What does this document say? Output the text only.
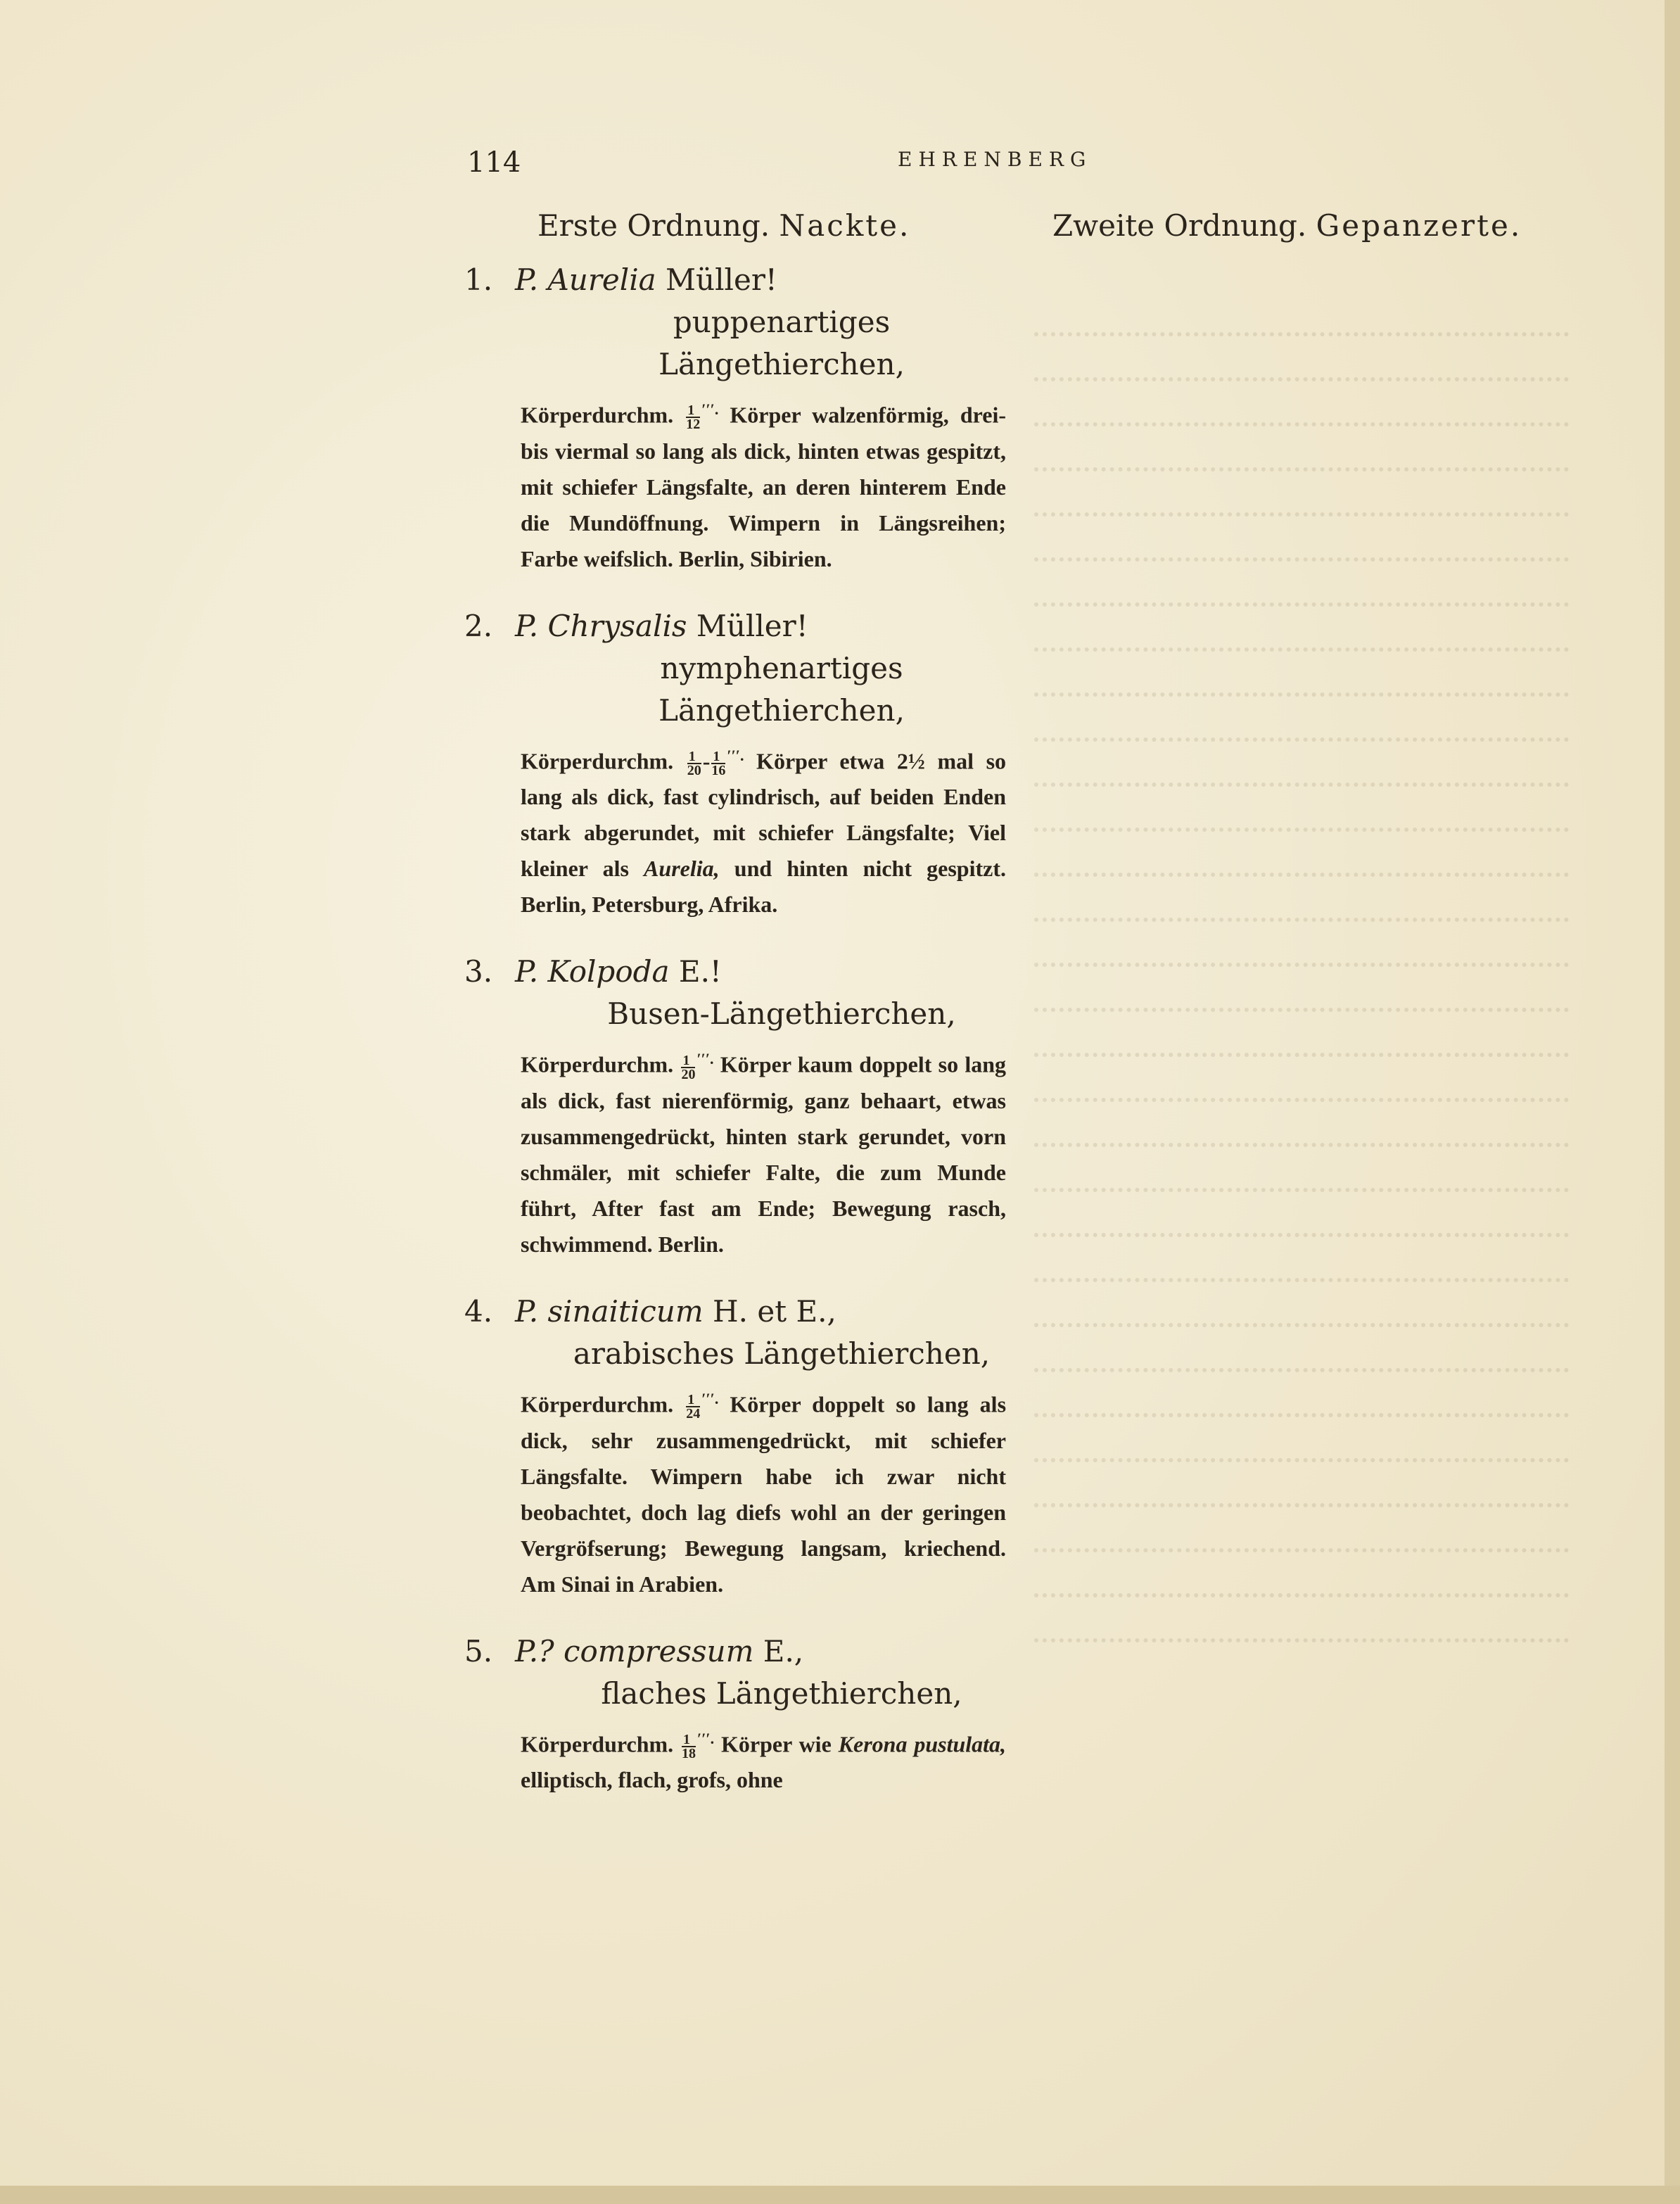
114	EHRENBERG
Erste Ordnung. Nackte.	Zweite Ordnung. Gepanzerte.
1. P. Aurelia Müller!
puppenartiges Längethierchen,
Körperdurchm. $\frac{1}{12} ^{'''.}$ Körper walzenförmig, drei- bis viermal so lang als dick, hinten etwas gespitzt, mit schiefer Längsfalte, an deren hinterem Ende die Mundöffnung. Wimpern in Längsreihen; Farbe weifslich. Berlin, Sibirien.
2. P. Chrysalis Müller!
nymphenartiges Längethierchen,
Körperdurchm. $\frac{1}{20} - \frac{1}{16} ^{'''.}$ Körper etwa 2½ mal so lang als dick, fast cylindrisch, auf beiden Enden stark abgerundet, mit schiefer Längsfalte; Viel kleiner als Aurelia, und hinten nicht gespitzt. Berlin, Petersburg, Afrika.
3. P. Kolpoda E.!
Busen-Längethierchen,
Körperdurchm. $\frac{1}{20} ^{'''.}$ Körper kaum doppelt so lang als dick, fast nierenförmig, ganz behaart, etwas zusammengedrückt, hinten stark gerundet, vorn schmäler, mit schiefer Falte, die zum Munde führt, After fast am Ende; Bewegung rasch, schwimmend. Berlin.
4. P. sinaiticum H. et E.,
arabisches Längethierchen,
Körperdurchm. $\frac{1}{24} ^{'''.}$ Körper doppelt so lang als dick, sehr zusammengedrückt, mit schiefer Längsfalte. Wimpern habe ich zwar nicht beobachtet, doch lag diefs wohl an der geringen Vergröfserung; Bewegung langsam, kriechend. Am Sinai in Arabien.
5. P.? compressum E.,
flaches Längethierchen,
Körperdurchm. $\frac{1}{18} ^{'''.}$ Körper wie Kerona pustulata, elliptisch, flach, grofs, ohne
